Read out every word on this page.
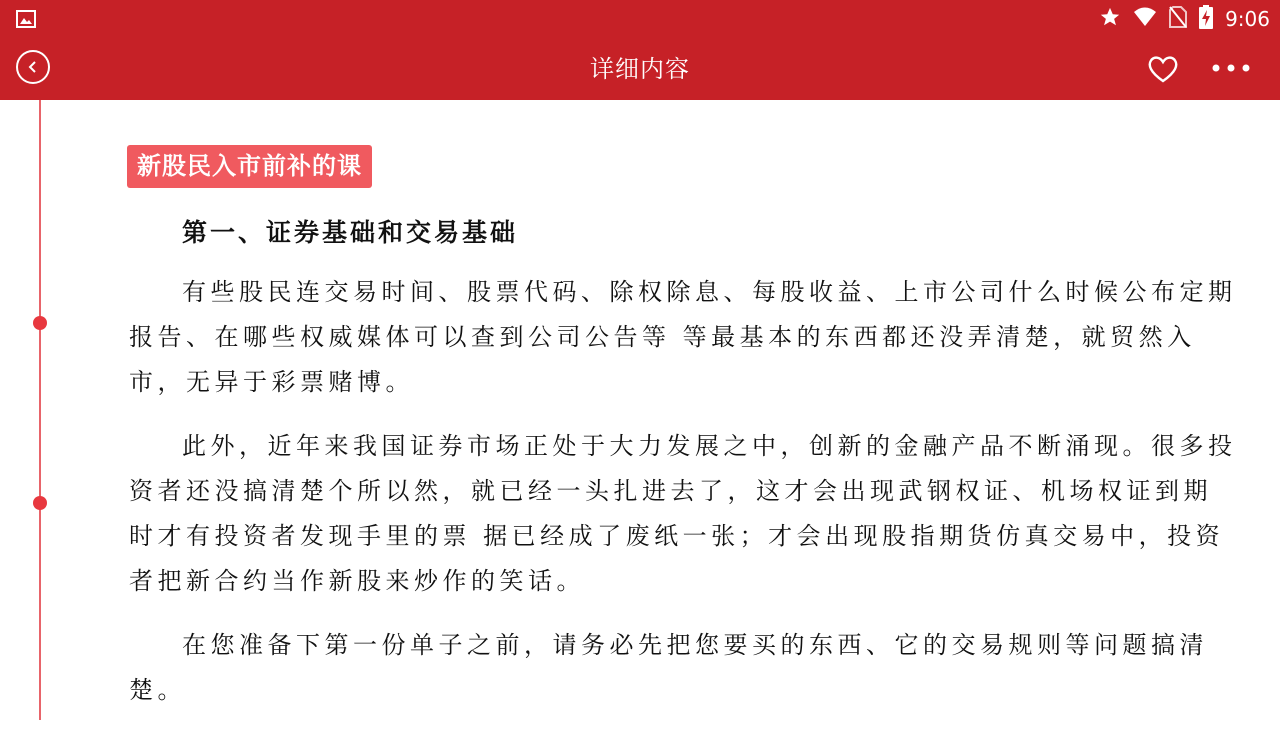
9:06
详细内容
新股民入市前补的课
第一、证券基础和交易基础

有些股民连交易时间、股票代码、除权除息、每股收益、上市公司什么时候公布定期报告、在哪些权威媒体可以查到公司公告等 等最基本的东西都还没弄清楚，就贸然入市，无异于彩票赌博。

此外，近年来我国证券市场正处于大力发展之中，创新的金融产品不断涌现。很多投资者还没搞清楚个所以然，就已经一头扎进去了，这才会出现武钢权证、机场权证到期时才有投资者发现手里的票 据已经成了废纸一张；才会出现股指期货仿真交易中，投资者把新合约当作新股来炒作的笑话。

在您准备下第一份单子之前，请务必先把您要买的东西、它的交易规则等问题搞清楚。
